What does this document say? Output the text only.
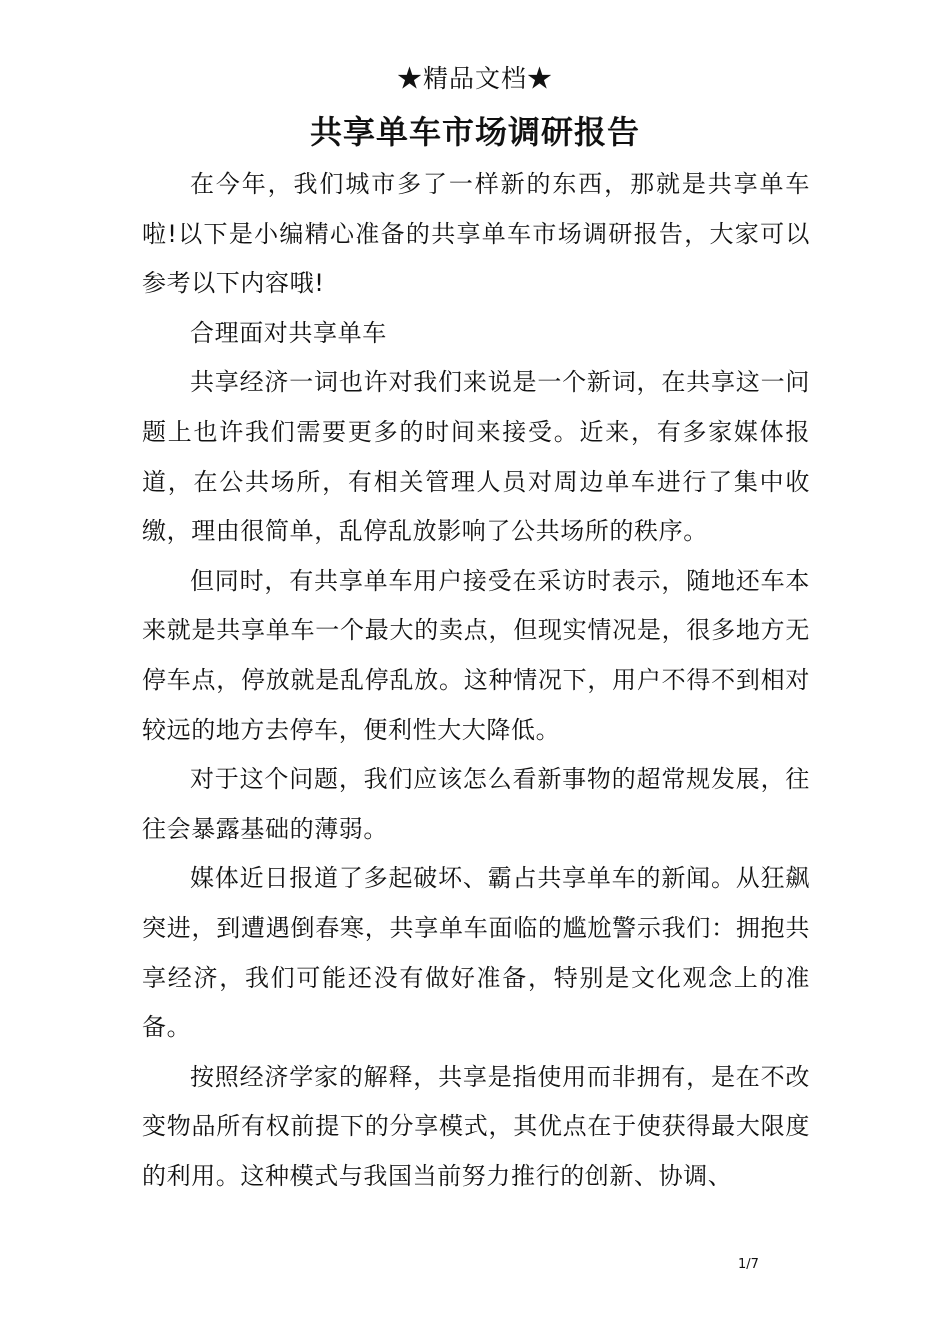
★精品文档★
共享单车市场调研报告

在今年，我们城市多了一样新的东西，那就是共享单车啦!以下是小编精心准备的共享单车市场调研报告，大家可以参考以下内容哦!

合理面对共享单车

共享经济一词也许对我们来说是一个新词，在共享这一问题上也许我们需要更多的时间来接受。近来，有多家媒体报道，在公共场所，有相关管理人员对周边单车进行了集中收缴，理由很简单，乱停乱放影响了公共场所的秩序。

但同时，有共享单车用户接受在采访时表示，随地还车本来就是共享单车一个最大的卖点，但现实情况是，很多地方无停车点，停放就是乱停乱放。这种情况下，用户不得不到相对较远的地方去停车，便利性大大降低。

对于这个问题，我们应该怎么看新事物的超常规发展，往往会暴露基础的薄弱。

媒体近日报道了多起破坏、霸占共享单车的新闻。从狂飙突进，到遭遇倒春寒，共享单车面临的尴尬警示我们：拥抱共享经济，我们可能还没有做好准备，特别是文化观念上的准备。

按照经济学家的解释，共享是指使用而非拥有，是在不改变物品所有权前提下的分享模式，其优点在于使获得最大限度的利用。这种模式与我国当前努力推行的创新、协调、

1/7
